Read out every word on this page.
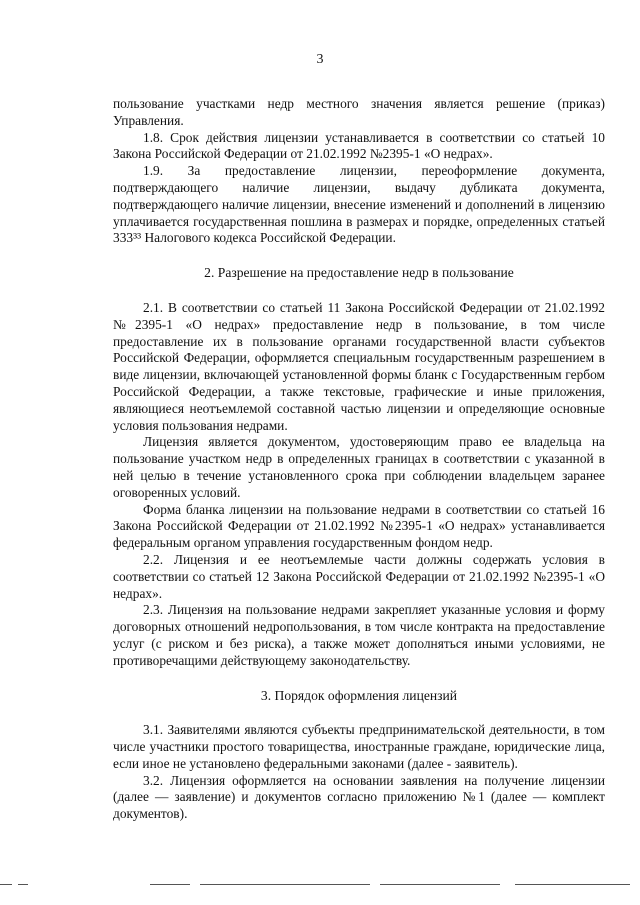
3

пользование участками недр местного значения является решение (приказ) Управления.

1.8. Срок действия лицензии устанавливается в соответствии со статьей 10 Закона Российской Федерации от 21.02.1992 №2395-1 «О недрах».

1.9. За предоставление лицензии, переоформление документа, подтверждающего наличие лицензии, выдачу дубликата документа, подтверждающего наличие лицензии, внесение изменений и дополнений в лицензию уплачивается государственная пошлина в размерах и порядке, определенных статьей 333³³ Налогового кодекса Российской Федерации.

2. Разрешение на предоставление недр в пользование

2.1. В соответствии со статьей 11 Закона Российской Федерации от 21.02.1992 №2395-1 «О недрах» предоставление недр в пользование, в том числе предоставление их в пользование органами государственной власти субъектов Российской Федерации, оформляется специальным государственным разрешением в виде лицензии, включающей установленной формы бланк с Государственным гербом Российской Федерации, а также текстовые, графические и иные приложения, являющиеся неотъемлемой составной частью лицензии и определяющие основные условия пользования недрами.

Лицензия является документом, удостоверяющим право ее владельца на пользование участком недр в определенных границах в соответствии с указанной в ней целью в течение установленного срока при соблюдении владельцем заранее оговоренных условий.

Форма бланка лицензии на пользование недрами в соответствии со статьей 16 Закона Российской Федерации от 21.02.1992 №2395-1 «О недрах» устанавливается федеральным органом управления государственным фондом недр.

2.2. Лицензия и ее неотъемлемые части должны содержать условия в соответствии со статьей 12 Закона Российской Федерации от 21.02.1992 №2395-1 «О недрах».

2.3. Лицензия на пользование недрами закрепляет указанные условия и форму договорных отношений недропользования, в том числе контракта на предоставление услуг (с риском и без риска), а также может дополняться иными условиями, не противоречащими действующему законодательству.

3. Порядок оформления лицензий

3.1. Заявителями являются субъекты предпринимательской деятельности, в том числе участники простого товарищества, иностранные граждане, юридические лица, если иное не установлено федеральными законами (далее - заявитель).

3.2. Лицензия оформляется на основании заявления на получение лицензии (далее — заявление) и документов согласно приложению №1 (далее — комплект документов).
